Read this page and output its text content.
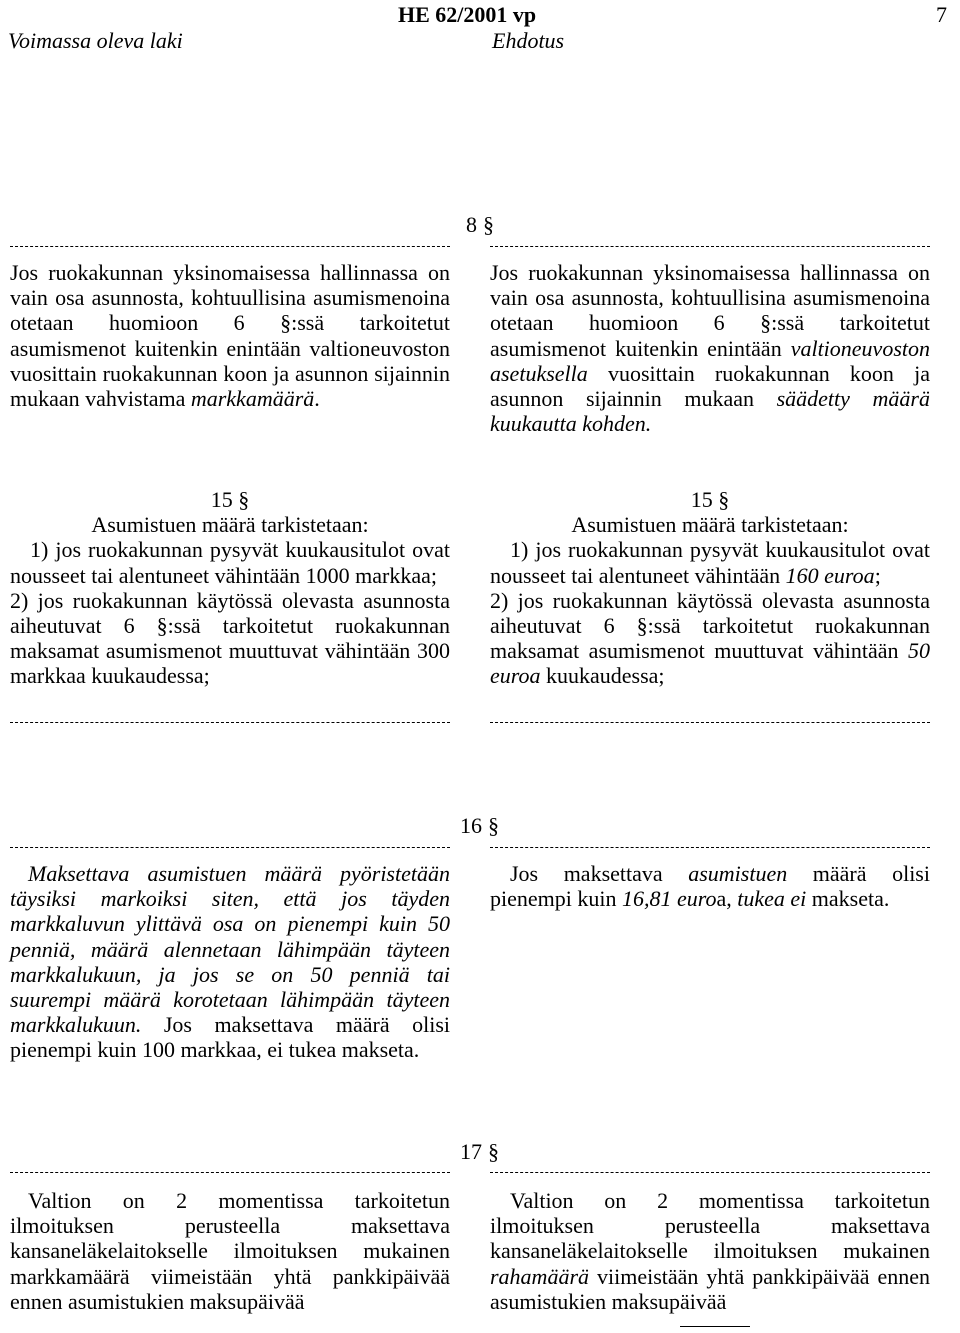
HE 62/2001 vp	7
Voimassa oleva laki	Ehdotus
8 §

Jos ruokakunnan yksinomaisessa hallinnassa on vain osa asunnosta, kohtuullisina asumismenoina otetaan huomioon 6 §:ssä tarkoitetut asumismenot kuitenkin enintään valtioneuvoston vuosittain ruokakunnan koon ja asunnon sijainnin mukaan vahvistama markkamäärä.

Jos ruokakunnan yksinomaisessa hallinnassa on vain osa asunnosta, kohtuullisina asumismenoina otetaan huomioon 6 §:ssä tarkoitetut asumismenot kuitenkin enintään valtioneuvoston asetuksella vuosittain ruokakunnan koon ja asunnon sijainnin mukaan säädetty määrä kuukautta kohden.

15 §

Asumistuen määrä tarkistetaan:

1) jos ruokakunnan pysyvät kuukausitulot ovat nousseet tai alentuneet vähintään 1000 markkaa;

2) jos ruokakunnan käytössä olevasta asunnosta aiheutuvat 6 §:ssä tarkoitetut ruokakunnan maksamat asumismenot muuttuvat vähintään 300 markkaa kuukaudessa;

15 §

Asumistuen määrä tarkistetaan:

1) jos ruokakunnan pysyvät kuukausitulot ovat nousseet tai alentuneet vähintään 160 euroa;

2) jos ruokakunnan käytössä olevasta asunnosta aiheutuvat 6 §:ssä tarkoitetut ruokakunnan maksamat asumismenot muuttuvat vähintään 50 euroa kuukaudessa;

16 §

Maksettava asumistuen määrä pyöristetään täysiksi markoiksi siten, että jos täyden markkaluvun ylittävä osa on pienempi kuin 50 penniä, määrä alennetaan lähimpään täyteen markkalukuun, ja jos se on 50 penniä tai suurempi määrä korotetaan lähimpään täyteen markkalukuun. Jos maksettava määrä olisi pienempi kuin 100 markkaa, ei tukea makseta.

Jos maksettava asumistuen määrä olisi pienempi kuin 16,81 euroa, tukea ei makseta.

17 §

Valtion on 2 momentissa tarkoitetun ilmoituksen perusteella maksettava kansaneläkelaitokselle ilmoituksen mukainen markkamäärä viimeistään yhtä pankkipäivää ennen asumistukien maksupäivää

Valtion on 2 momentissa tarkoitetun ilmoituksen perusteella maksettava kansaneläkelaitokselle ilmoituksen mukainen rahamäärä viimeistään yhtä pankkipäivää ennen asumistukien maksupäivää
